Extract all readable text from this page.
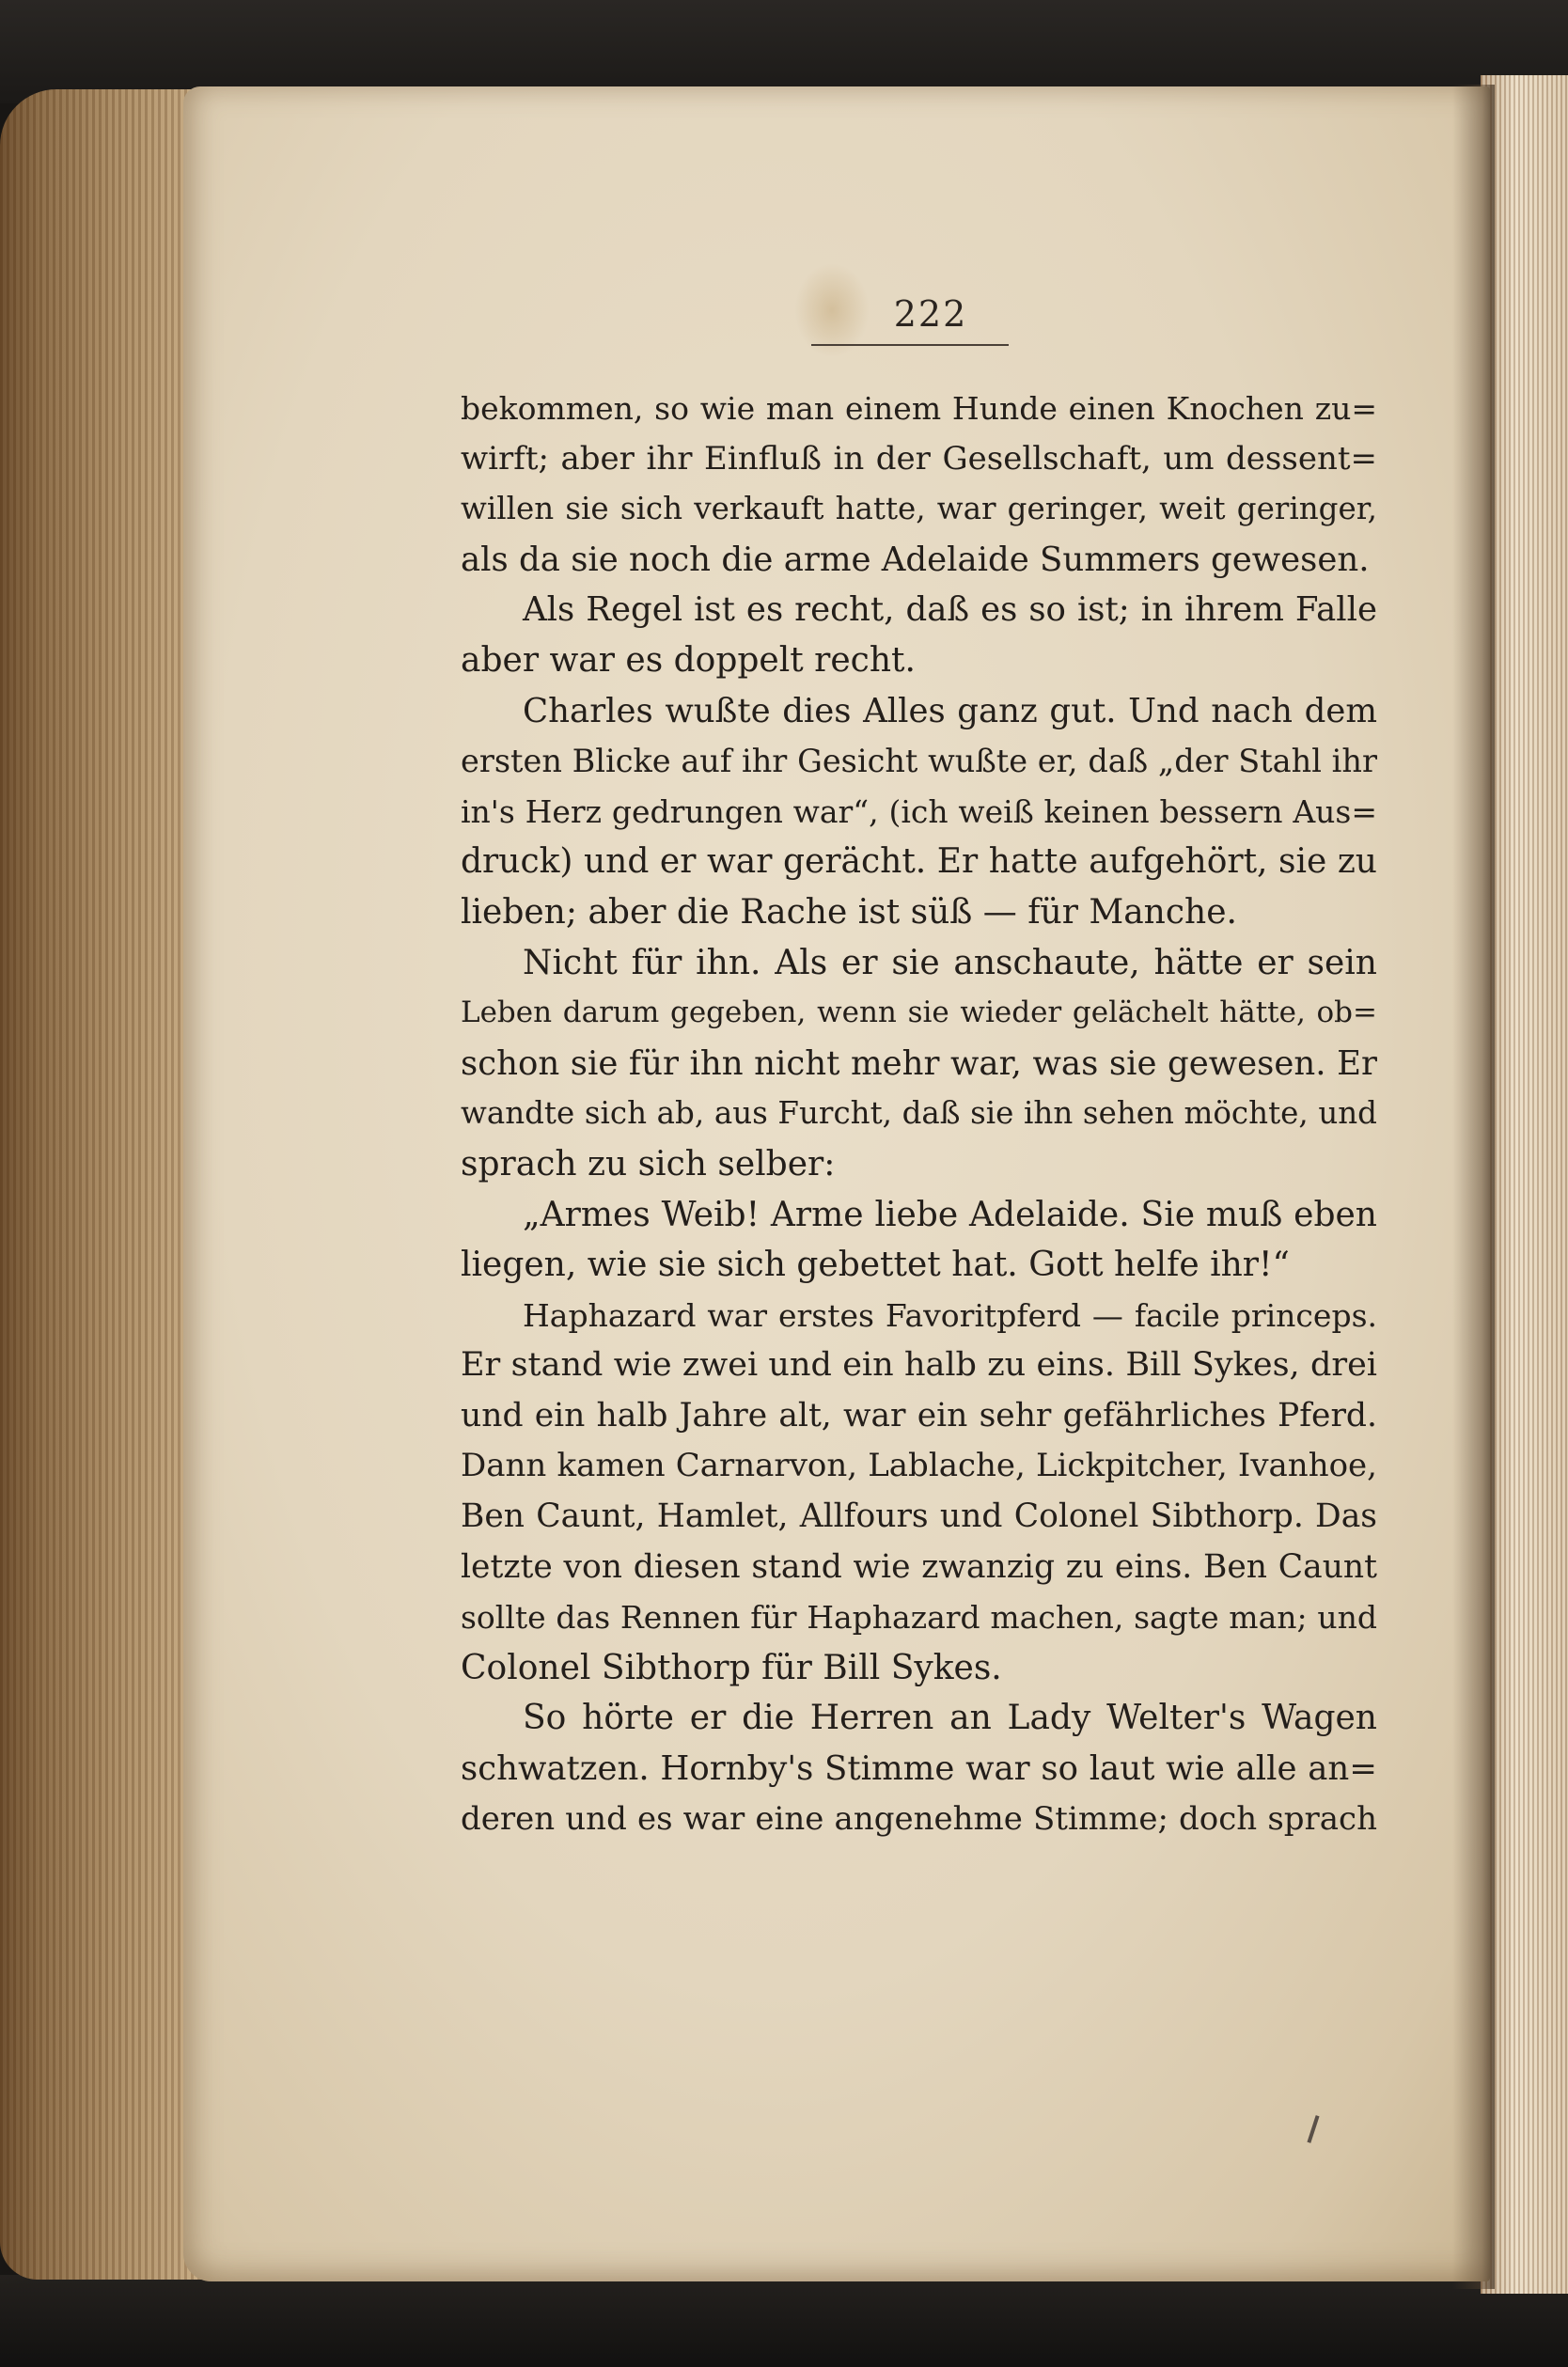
222
bekommen, so wie man einem Hunde einen Knochen zu=
wirft; aber ihr Einfluß in der Gesellschaft, um dessent=
willen sie sich verkauft hatte, war geringer, weit geringer,
als da sie noch die arme Adelaide Summers gewesen.
Als Regel ist es recht, daß es so ist; in ihrem Falle
aber war es doppelt recht.
Charles wußte dies Alles ganz gut. Und nach dem
ersten Blicke auf ihr Gesicht wußte er, daß „der Stahl ihr
in's Herz gedrungen war“, (ich weiß keinen bessern Aus=
druck) und er war gerächt. Er hatte aufgehört, sie zu
lieben; aber die Rache ist süß — für Manche.
Nicht für ihn. Als er sie anschaute, hätte er sein
Leben darum gegeben, wenn sie wieder gelächelt hätte, ob=
schon sie für ihn nicht mehr war, was sie gewesen. Er
wandte sich ab, aus Furcht, daß sie ihn sehen möchte, und
sprach zu sich selber:
„Armes Weib! Arme liebe Adelaide. Sie muß eben
liegen, wie sie sich gebettet hat. Gott helfe ihr!“
Haphazard war erstes Favoritpferd — facile princeps.
Er stand wie zwei und ein halb zu eins. Bill Sykes, drei
und ein halb Jahre alt, war ein sehr gefährliches Pferd.
Dann kamen Carnarvon, Lablache, Lickpitcher, Ivanhoe,
Ben Caunt, Hamlet, Allfours und Colonel Sibthorp. Das
letzte von diesen stand wie zwanzig zu eins. Ben Caunt
sollte das Rennen für Haphazard machen, sagte man; und
Colonel Sibthorp für Bill Sykes.
So hörte er die Herren an Lady Welter's Wagen
schwatzen. Hornby's Stimme war so laut wie alle an=
deren und es war eine angenehme Stimme; doch sprach
